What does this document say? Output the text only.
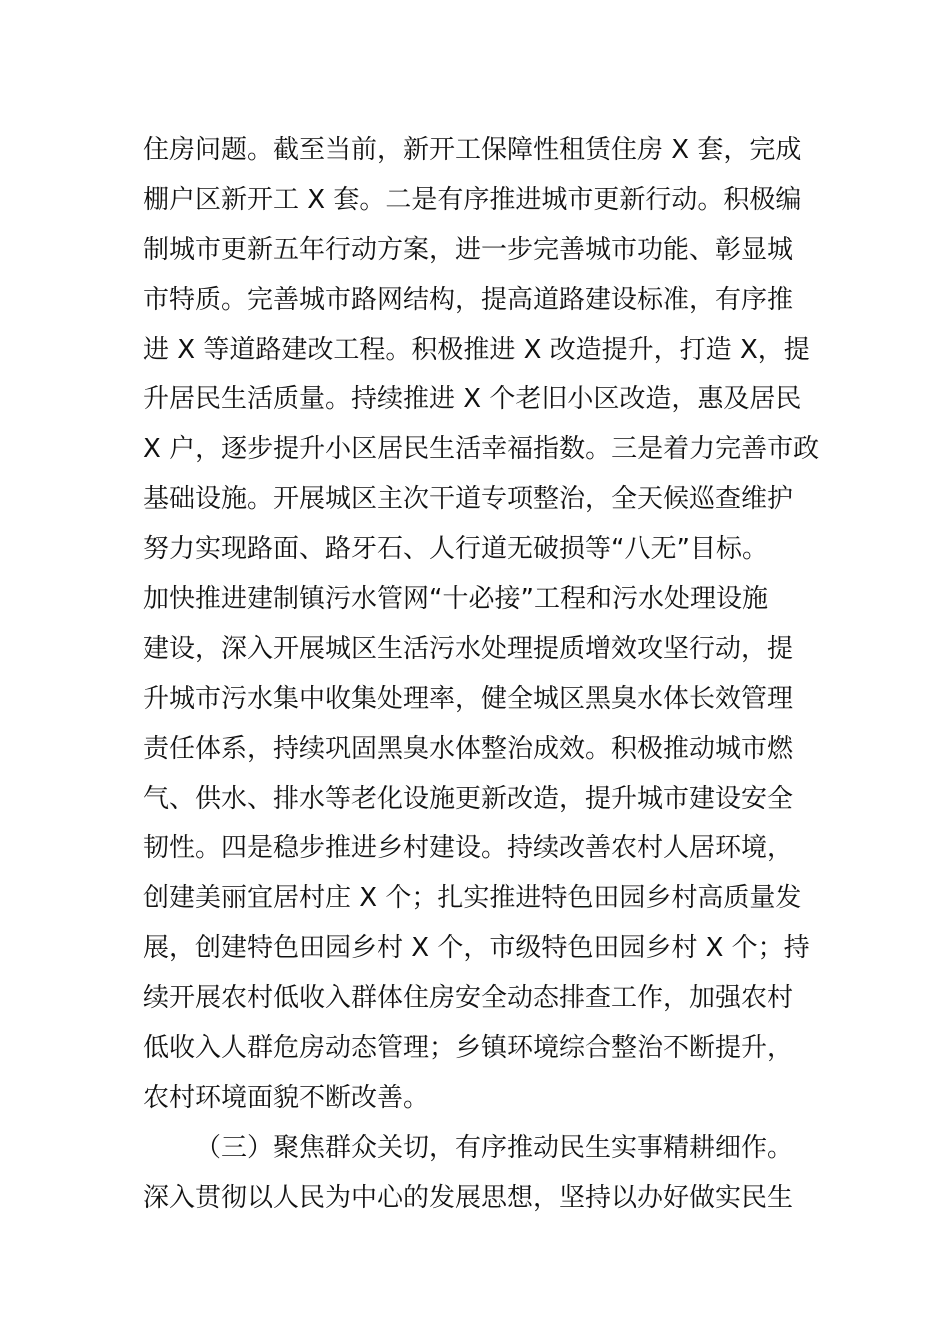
住房问题。截至当前，新开工保障性租赁住房 X 套，完成
棚户区新开工 X 套。二是有序推进城市更新行动。积极编
制城市更新五年行动方案，进一步完善城市功能、彰显城
市特质。完善城市路网结构，提高道路建设标准，有序推
进 X 等道路建改工程。积极推进 X 改造提升，打造 X，提
升居民生活质量。持续推进 X 个老旧小区改造，惠及居民
X 户，逐步提升小区居民生活幸福指数。三是着力完善市政
基础设施。开展城区主次干道专项整治，全天候巡查维护
努力实现路面、路牙石、人行道无破损等“八无”目标。
加快推进建制镇污水管网“十必接”工程和污水处理设施
建设，深入开展城区生活污水处理提质增效攻坚行动，提
升城市污水集中收集处理率，健全城区黑臭水体长效管理
责任体系，持续巩固黑臭水体整治成效。积极推动城市燃
气、供水、排水等老化设施更新改造，提升城市建设安全
韧性。四是稳步推进乡村建设。持续改善农村人居环境，
创建美丽宜居村庄 X 个；扎实推进特色田园乡村高质量发
展，创建特色田园乡村 X 个，市级特色田园乡村 X 个；持
续开展农村低收入群体住房安全动态排查工作，加强农村
低收入人群危房动态管理；乡镇环境综合整治不断提升，
农村环境面貌不断改善。
（三）聚焦群众关切，有序推动民生实事精耕细作。
深入贯彻以人民为中心的发展思想，坚持以办好做实民生
